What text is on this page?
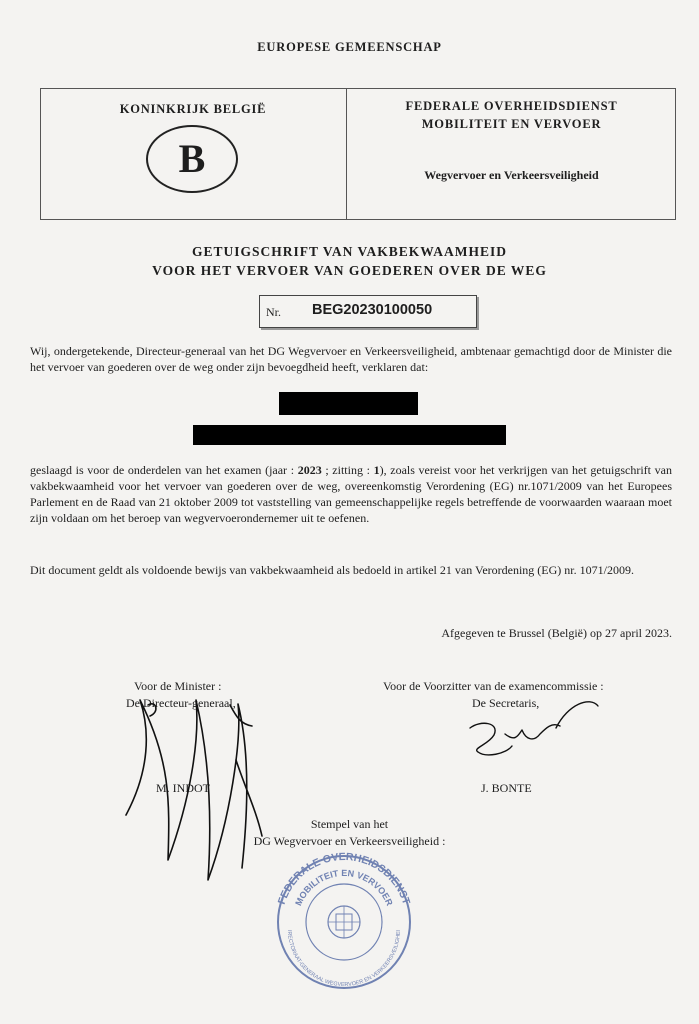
EUROPESE GEMEENSCHAP
KONINKRIJK BELGIË
B
FEDERALE OVERHEIDSDIENST
MOBILITEIT EN VERVOER
Wegvervoer en Verkeersveiligheid
GETUIGSCHRIFT VAN VAKBEKWAAMHEID
VOOR HET VERVOER VAN GOEDEREN OVER DE WEG
Nr. BEG20230100050
Wij, ondergetekende, Directeur-generaal van het DG Wegvervoer en Verkeersveiligheid, ambtenaar gemachtigd door de Minister die het vervoer van goederen over de weg onder zijn bevoegdheid heeft, verklaren dat:
geslaagd is voor de onderdelen van het examen (jaar : 2023 ; zitting : 1), zoals vereist voor het verkrijgen van het getuigschrift van vakbekwaamheid voor het vervoer van goederen over de weg, overeenkomstig Verordening (EG) nr.1071/2009 van het Europees Parlement en de Raad van 21 oktober 2009 tot vaststelling van gemeenschappelijke regels betreffende de voorwaarden waaraan moet zijn voldaan om het beroep van wegvervoerondernemer uit te oefenen.
Dit document geldt als voldoende bewijs van vakbekwaamheid als bedoeld in artikel 21 van Verordening (EG) nr. 1071/2009.
Afgegeven te Brussel (België) op 27 april 2023.
Voor de Minister :
De Directeur-generaal,
Voor de Voorzitter van de examencommissie :
De Secretaris,
M. INDOT	J. BONTE
Stempel van het
DG Wegvervoer en Verkeersveiligheid :
FEDERALE OVERHEIDSDIENST
MOBILITEIT EN VERVOER
IRECTORAAT-GENERAAL WEGVERVOER EN VERKEERSVEILIGHEI
